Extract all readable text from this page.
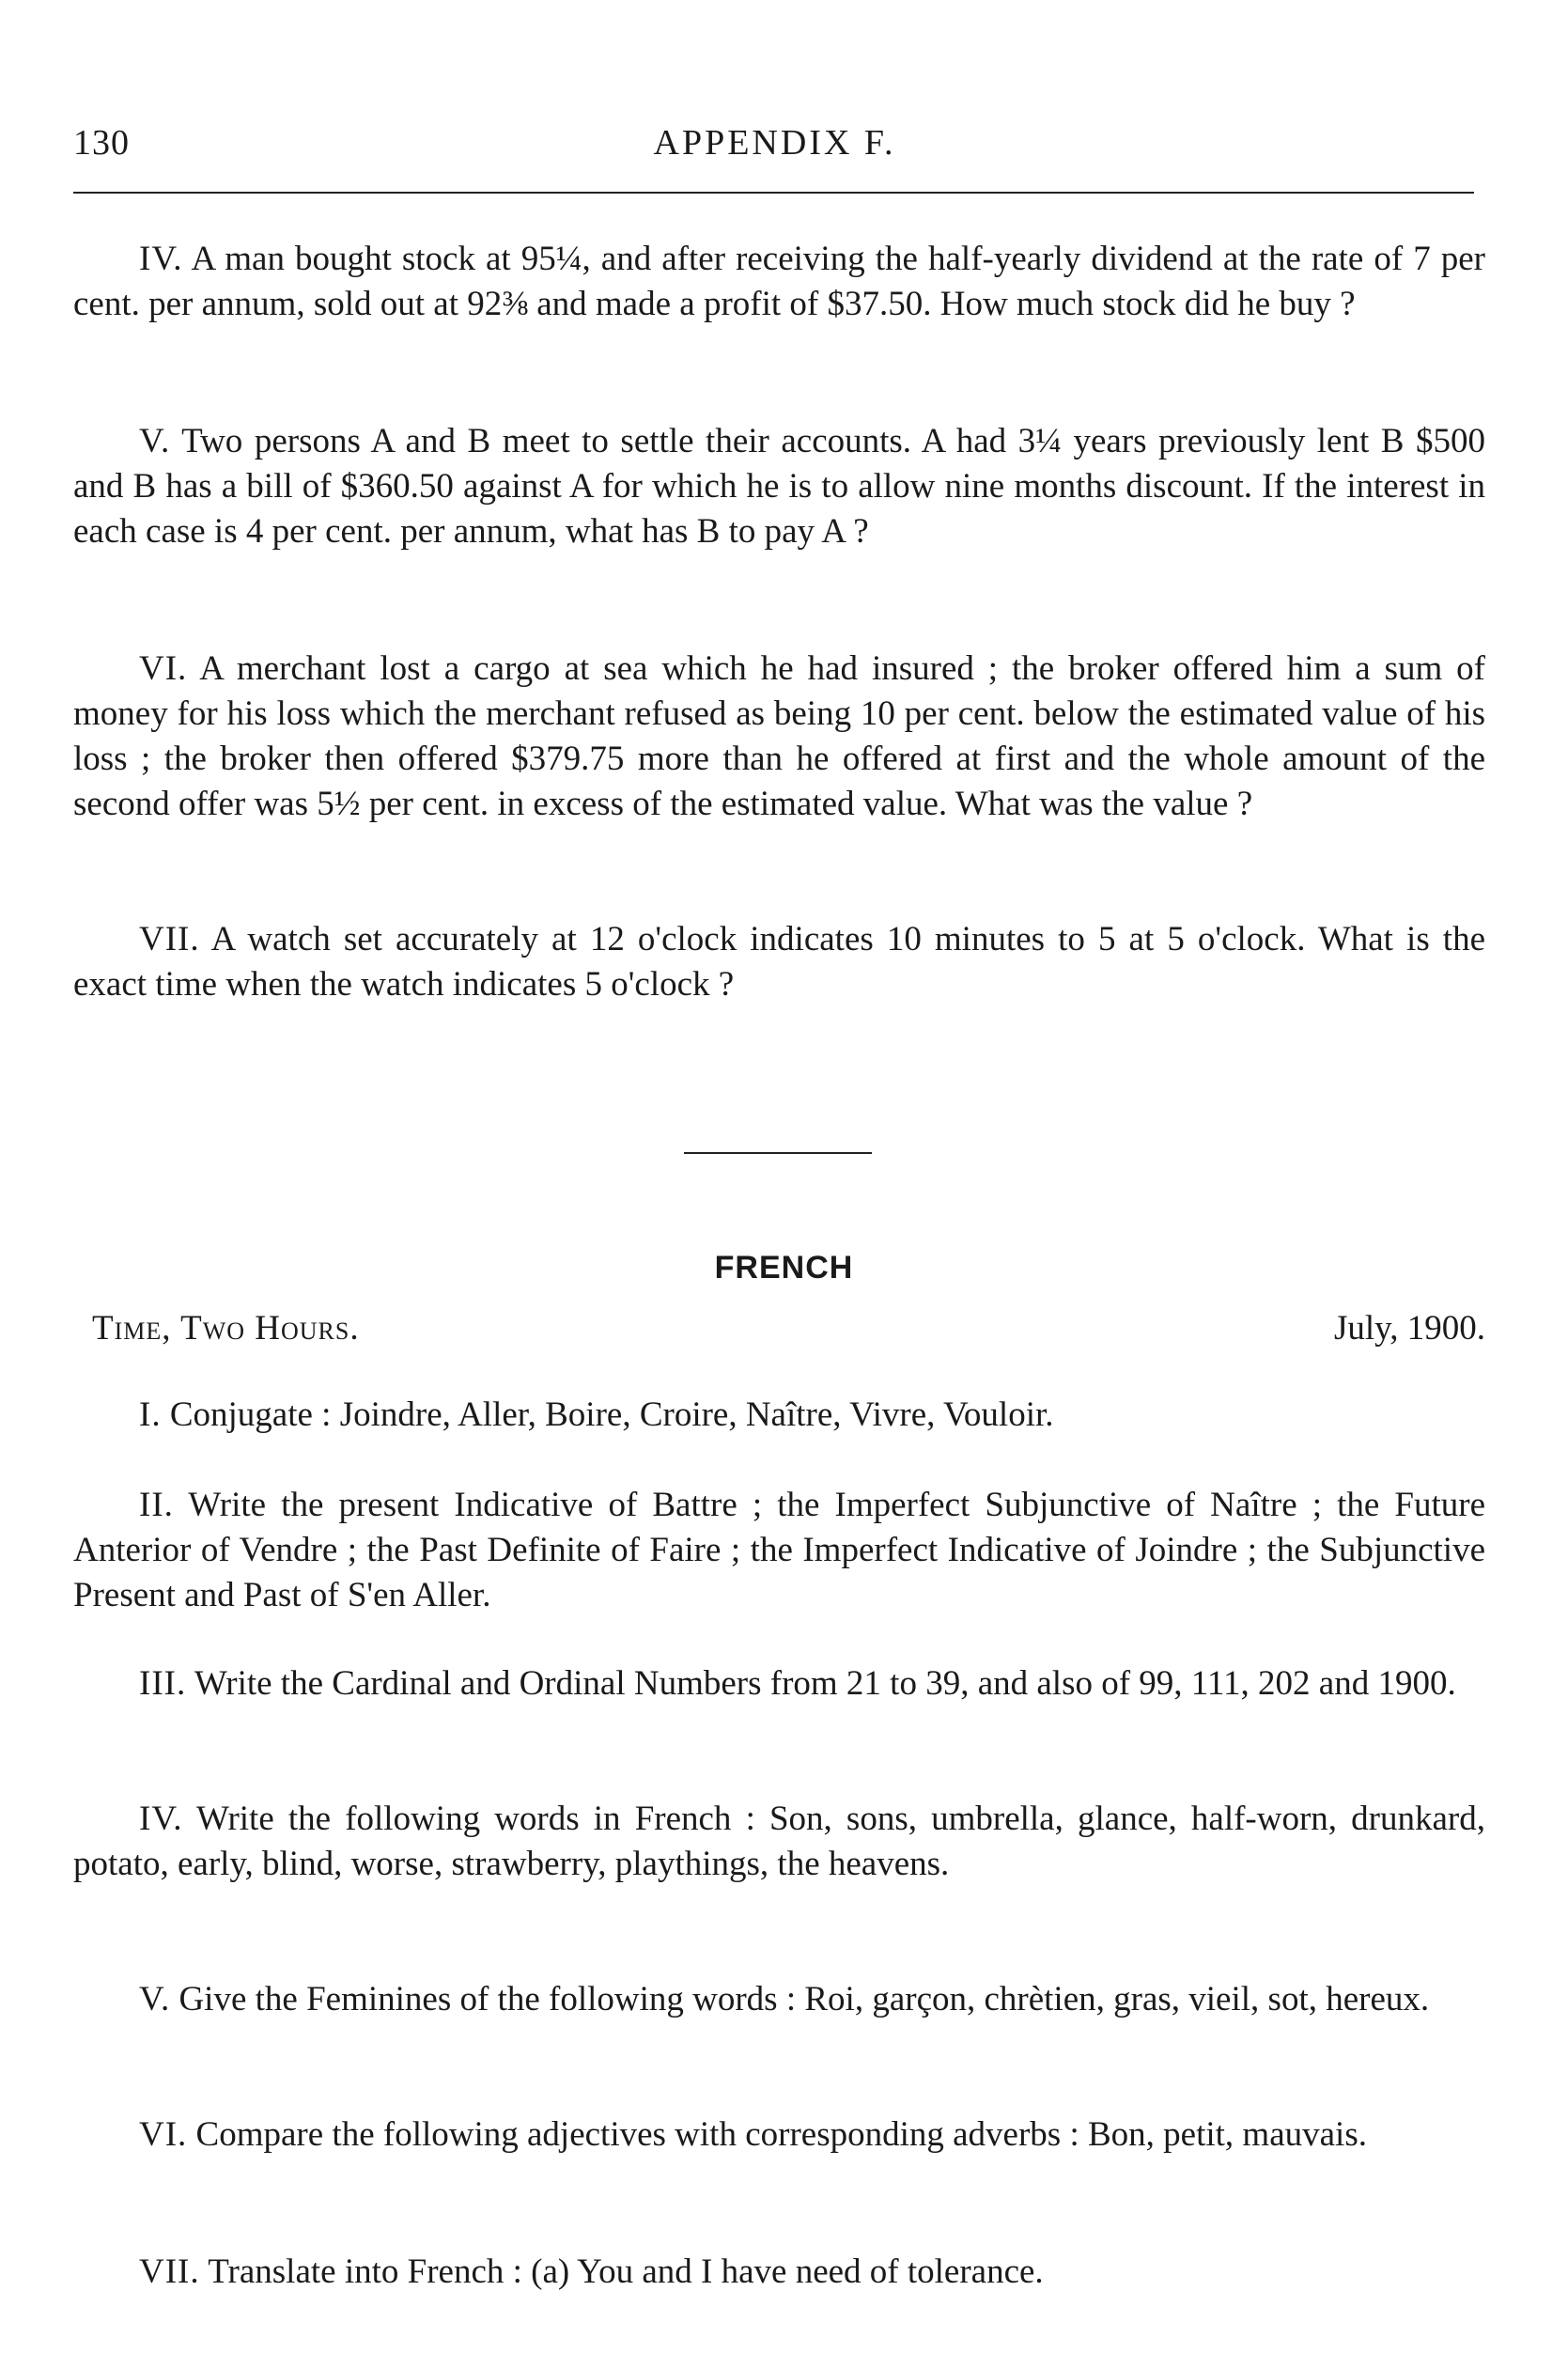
130	APPENDIX F.

IV. A man bought stock at 95¼, and after receiving the half-yearly dividend at the rate of 7 per cent. per annum, sold out at 92⅜ and made a profit of $37.50. How much stock did he buy ?

V. Two persons A and B meet to settle their accounts. A had 3¼ years previously lent B $500 and B has a bill of $360.50 against A for which he is to allow nine months discount. If the interest in each case is 4 per cent. per annum, what has B to pay A ?

VI. A merchant lost a cargo at sea which he had insured ; the broker offered him a sum of money for his loss which the merchant refused as being 10 per cent. below the estimated value of his loss ; the broker then offered $379.75 more than he offered at first and the whole amount of the second offer was 5½ per cent. in excess of the estimated value. What was the value ?

VII. A watch set accurately at 12 o'clock indicates 10 minutes to 5 at 5 o'clock. What is the exact time when the watch indicates 5 o'clock ?

FRENCH
Time, Two Hours.	July, 1900.

I. Conjugate : Joindre, Aller, Boire, Croire, Naître, Vivre, Vouloir.

II. Write the present Indicative of Battre ; the Imperfect Subjunctive of Naître ; the Future Anterior of Vendre ; the Past Definite of Faire ; the Imperfect Indicative of Joindre ; the Subjunctive Present and Past of S'en Aller.

III. Write the Cardinal and Ordinal Numbers from 21 to 39, and also of 99, 111, 202 and 1900.

IV. Write the following words in French : Son, sons, umbrella, glance, half-worn, drunkard, potato, early, blind, worse, strawberry, playthings, the heavens.

V. Give the Feminines of the following words : Roi, garçon, chrètien, gras, vieil, sot, hereux.

VI. Compare the following adjectives with corresponding adverbs : Bon, petit, mauvais.

VII. Translate into French : (a) You and I have need of tolerance.
